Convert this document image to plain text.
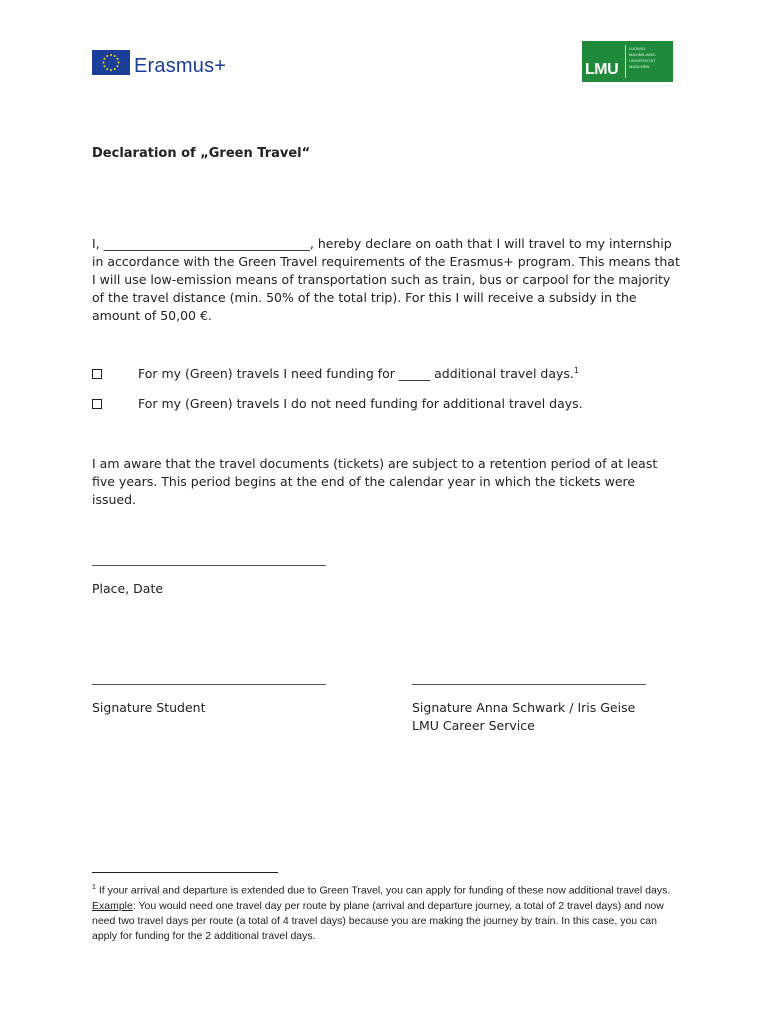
Erasmus+	LMU
LUDWIG-
MAXIMILIANS-
UNIVERSITÄT
MÜNCHEN
Declaration of „Green Travel“

I, _________________________________, hereby declare on oath that I will travel to my internship in accordance with the Green Travel requirements of the Erasmus+ program. This means that I will use low-emission means of transportation such as train, bus or carpool for the majority of the travel distance (min. 50% of the total trip). For this I will receive a subsidy in the amount of 50,00 €.

For my (Green) travels I need funding for _____ additional travel days.$^1$
For my (Green) travels I do not need funding for additional travel days.

I am aware that the travel documents (tickets) are subject to a retention period of at least five years. This period begins at the end of the calendar year in which the tickets were issued.

Place, Date
Signature Student	Signature Anna Schwark / Iris Geise
LMU Career Service

$^1$ If your arrival and departure is extended due to Green Travel, you can apply for funding of these now additional travel days. Example: You would need one travel day per route by plane (arrival and departure journey, a total of 2 travel days) and now need two travel days per route (a total of 4 travel days) because you are making the journey by train. In this case, you can apply for funding for the 2 additional travel days.
